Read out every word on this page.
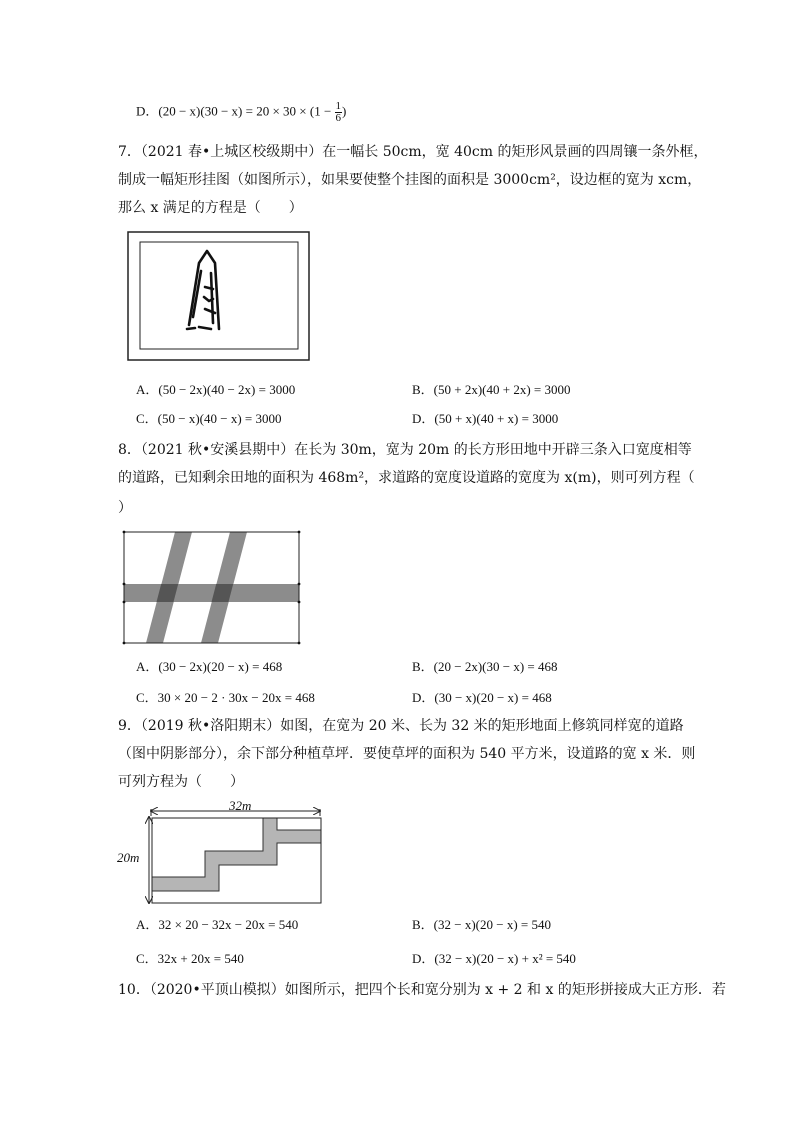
D．$(20 - x)(30 - x) = 20 \times 30 \times (1 - \frac{1}{6}$ )
7．（2021 春•上城区校级期中）在一幅长 50cm，宽 40cm 的矩形风景画的四周镶一条外框，
制成一幅矩形挂图（如图所示），如果要使整个挂图的面积是 3000cm²，设边框的宽为 xcm，
那么 x 满足的方程是（　　）
A．(50 − 2x)(40 − 2x) = 3000	B．(50 + 2x)(40 + 2x) = 3000
C．(50 − x)(40 − x) = 3000	D．(50 + x)(40 + x) = 3000
8．（2021 秋•安溪县期中）在长为 30m，宽为 20m 的长方形田地中开辟三条入口宽度相等
的道路，已知剩余田地的面积为 468m²，求道路的宽度设道路的宽度为 x(m)，则可列方程（
）
A．(30 − 2x)(20 − x) = 468	B．(20 − 2x)(30 − x) = 468
C．30 × 20 − 2 · 30x − 20x = 468	D．(30 − x)(20 − x) = 468
9．（2019 秋•洛阳期末）如图，在宽为 20 米、长为 32 米的矩形地面上修筑同样宽的道路
（图中阴影部分），余下部分种植草坪．要使草坪的面积为 540 平方米，设道路的宽 x 米．则
可列方程为（　　）
32m
20m
A．32 × 20 − 32x − 20x = 540	B．(32 − x)(20 − x) = 540
C．32x + 20x = 540	D．(32 − x)(20 − x) + x² = 540
10．（2020•平顶山模拟）如图所示，把四个长和宽分别为 x + 2 和 x 的矩形拼接成大正方形．若
